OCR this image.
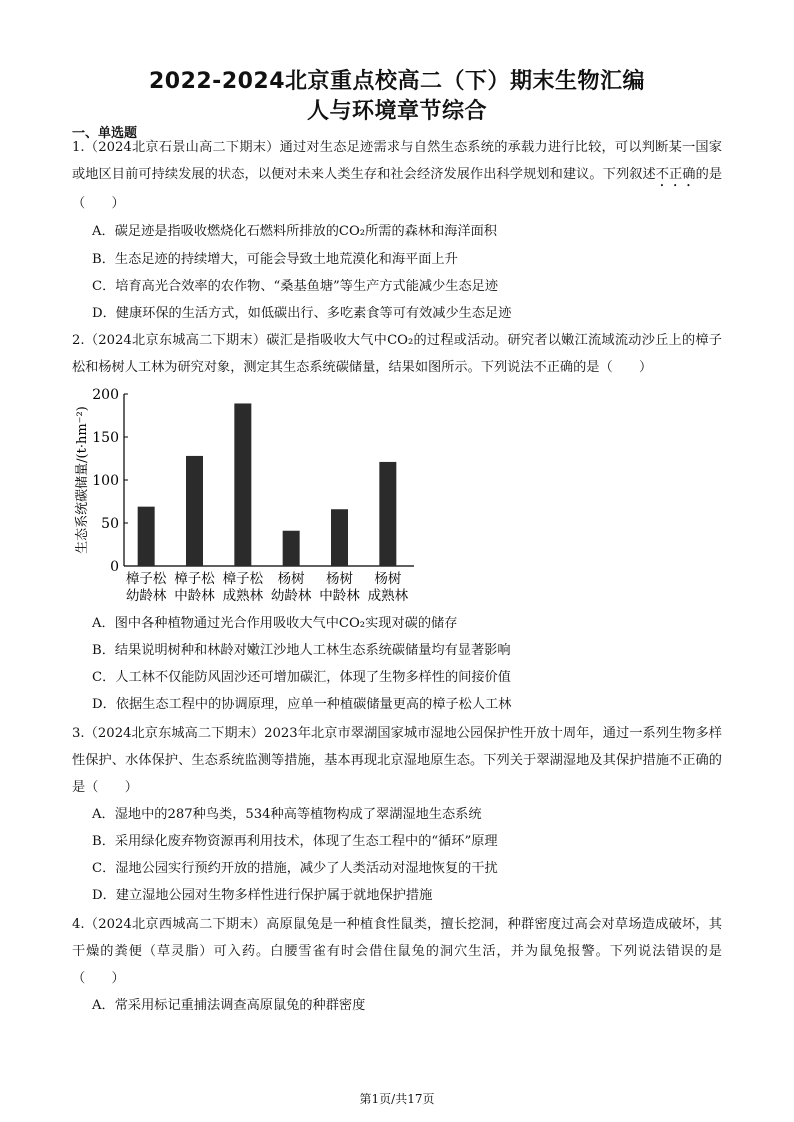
2022-2024北京重点校高二（下）期末生物汇编
人与环境章节综合
一、单选题
1.（2024北京石景山高二下期末）通过对生态足迹需求与自然生态系统的承载力进行比较，可以判断某一国家或地区目前可持续发展的状态，以便对未来人类生存和社会经济发展作出科学规划和建议。下列叙述不正确的是（　　）
A．碳足迹是指吸收燃烧化石燃料所排放的CO₂所需的森林和海洋面积
B．生态足迹的持续增大，可能会导致土地荒漠化和海平面上升
C．培育高光合效率的农作物、“桑基鱼塘”等生产方式能减少生态足迹
D．健康环保的生活方式，如低碳出行、多吃素食等可有效减少生态足迹
2.（2024北京东城高二下期末）碳汇是指吸收大气中CO₂的过程或活动。研究者以嫩江流域流动沙丘上的樟子松和杨树人工林为研究对象，测定其生态系统碳储量，结果如图所示。下列说法不正确的是（　　）
0
50
100
150
200
生态系统碳储量/(t·hm⁻²)
樟子松
幼龄林
樟子松
中龄林
樟子松
成熟林
杨树
幼龄林
杨树
中龄林
杨树
成熟林
A．图中各种植物通过光合作用吸收大气中CO₂实现对碳的储存
B．结果说明树种和林龄对嫩江沙地人工林生态系统碳储量均有显著影响
C．人工林不仅能防风固沙还可增加碳汇，体现了生物多样性的间接价值
D．依据生态工程中的协调原理，应单一种植碳储量更高的樟子松人工林
3.（2024北京东城高二下期末）2023年北京市翠湖国家城市湿地公园保护性开放十周年，通过一系列生物多样性保护、水体保护、生态系统监测等措施，基本再现北京湿地原生态。下列关于翠湖湿地及其保护措施不正确的是（　　）
A．湿地中的287种鸟类，534种高等植物构成了翠湖湿地生态系统
B．采用绿化废弃物资源再利用技术，体现了生态工程中的“循环”原理
C．湿地公园实行预约开放的措施，减少了人类活动对湿地恢复的干扰
D．建立湿地公园对生物多样性进行保护属于就地保护措施
4.（2024北京西城高二下期末）高原鼠兔是一种植食性鼠类，擅长挖洞，种群密度过高会对草场造成破坏，其干燥的粪便（草灵脂）可入药。白腰雪雀有时会借住鼠兔的洞穴生活，并为鼠兔报警。下列说法错误的是（　　）
A．常采用标记重捕法调查高原鼠兔的种群密度
第1页/共17页
